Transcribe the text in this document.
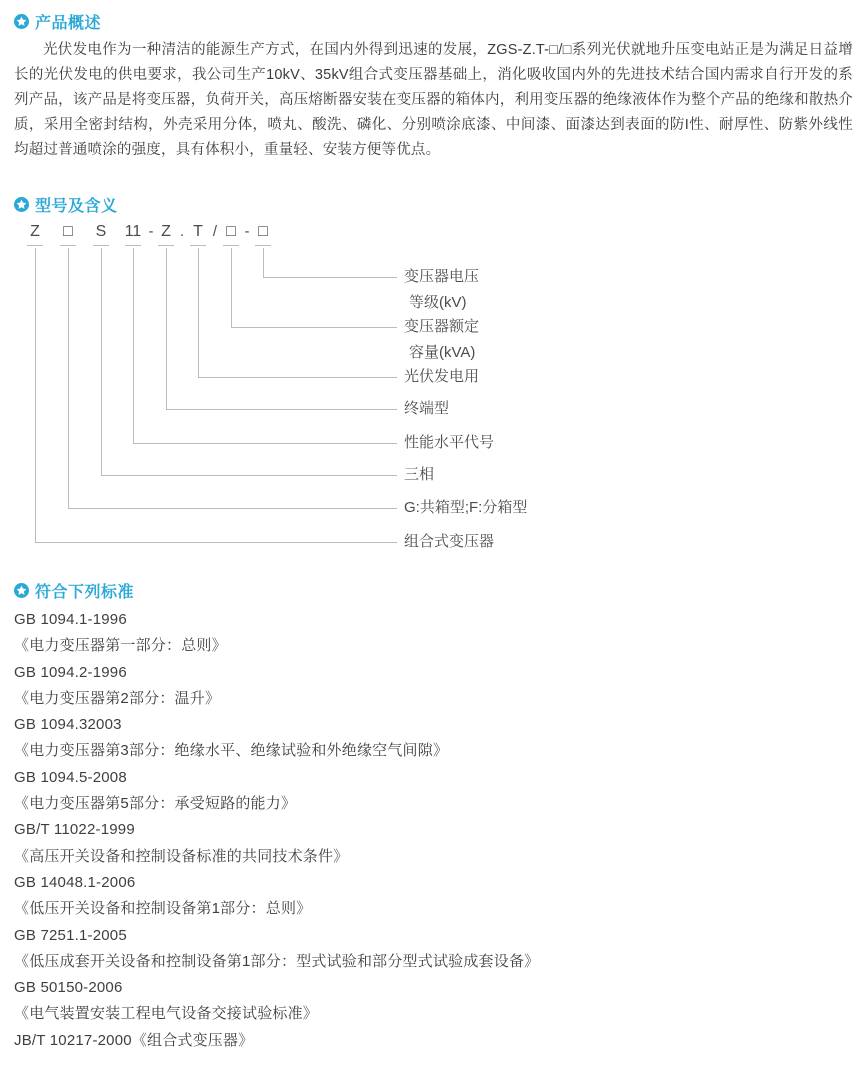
产品概述

光伏发电作为一种清洁的能源生产方式，在国内外得到迅速的发展，ZGS-Z.T-□/□系列光伏就地升压变电站正是为满足日益增长的光伏发电的供电要求，我公司生产10kV、35kV组合式变压器基础上，消化吸收国内外的先进技术结合国内需求自行开发的系列产品，该产品是将变压器，负荷开关，高压熔断器安装在变压器的箱体内，利用变压器的绝缘液体作为整个产品的绝缘和散热介质，采用全密封结构，外壳采用分体，喷丸、酸洗、磷化、分别喷涂底漆、中间漆、面漆达到表面的防I性、耐厚性、防紫外线性均超过普通喷涂的强度，具有体积小，重量轻、安装方便等优点。

型号及含义
Z	□	S	11	Z	T	□	□
- . / -
变压器电压
等级(kV)
变压器额定
容量(kVA)
光伏发电用
终端型
性能水平代号
三相
G:共箱型;F:分箱型
组合式变压器
符合下列标准
GB 1094.1-1996
《电力变压器第一部分：总则》
GB 1094.2-1996
《电力变压器第2部分：温升》
GB 1094.32003
《电力变压器第3部分：绝缘水平、绝缘试验和外绝缘空气间隙》
GB 1094.5-2008
《电力变压器第5部分：承受短路的能力》
GB/T 11022-1999
《高压开关设备和控制设备标准的共同技术条件》
GB 14048.1-2006
《低压开关设备和控制设备第1部分：总则》
GB 7251.1-2005
《低压成套开关设备和控制设备第1部分：型式试验和部分型式试验成套设备》
GB 50150-2006
《电气装置安装工程电气设备交接试验标准》
JB/T 10217-2000《组合式变压器》
